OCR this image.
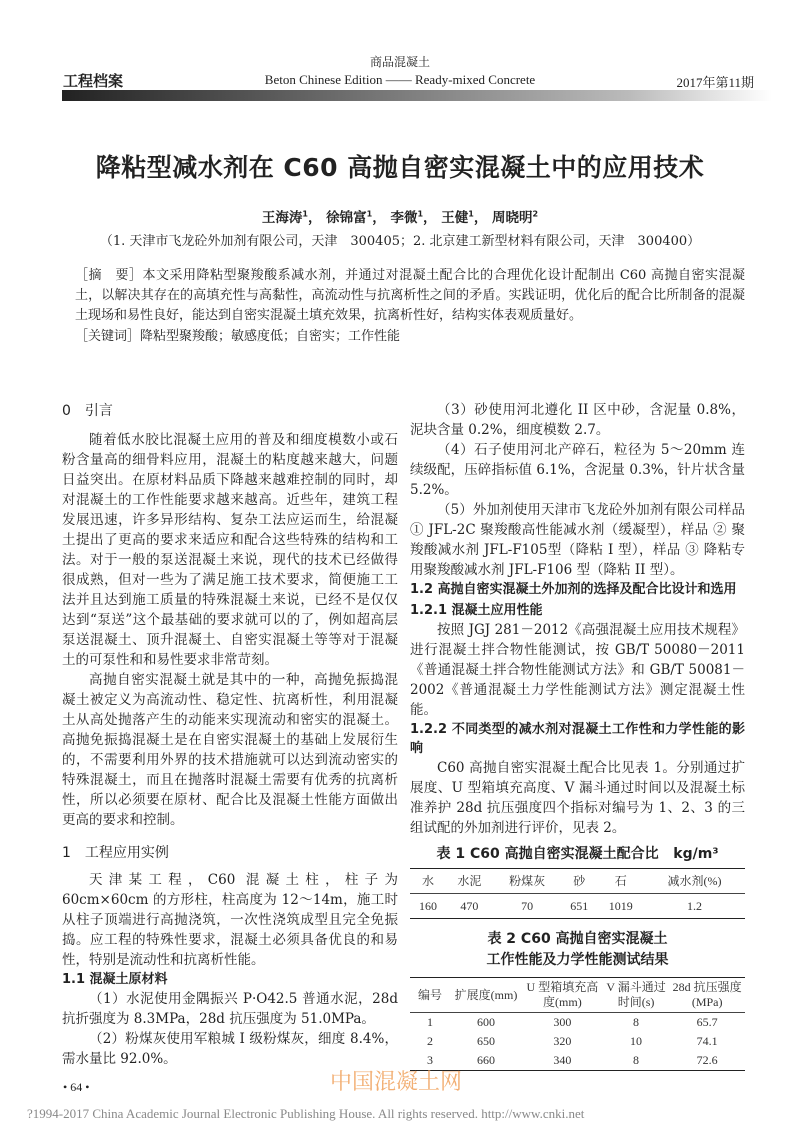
商品混凝土
工程档案	Beton Chinese Edition —— Ready-mixed Concrete	2017年第11期
降粘型减水剂在 C60 高抛自密实混凝土中的应用技术
王海涛$^1$， 徐锦富$^1$， 李微$^1$， 王健$^1$， 周晓明$^2$
（1. 天津市飞龙砼外加剂有限公司，天津　300405；2. 北京建工新型材料有限公司，天津　300400）
［摘　要］本文采用降粘型聚羧酸系减水剂，并通过对混凝土配合比的合理优化设计配制出 C60 高抛自密实混凝土，以解决其存在的高填充性与高黏性，高流动性与抗离析性之间的矛盾。实践证明，优化后的配合比所制备的混凝土现场和易性良好，能达到自密实混凝土填充效果，抗离析性好，结构实体表观质量好。
［关键词］降粘型聚羧酸；敏感度低；自密实；工作性能
0　引言

随着低水胶比混凝土应用的普及和细度模数小或石粉含量高的细骨料应用，混凝土的粘度越来越大，问题日益突出。在原材料品质下降越来越难控制的同时，却对混凝土的工作性能要求越来越高。近些年，建筑工程发展迅速，许多异形结构、复杂工法应运而生，给混凝土提出了更高的要求来适应和配合这些特殊的结构和工法。对于一般的泵送混凝土来说，现代的技术已经做得很成熟，但对一些为了满足施工技术要求，简便施工工法并且达到施工质量的特殊混凝土来说，已经不是仅仅达到“泵送”这个最基础的要求就可以的了，例如超高层泵送混凝土、顶升混凝土、自密实混凝土等等对于混凝土的可泵性和和易性要求非常苛刻。

高抛自密实混凝土就是其中的一种，高抛免振捣混凝土被定义为高流动性、稳定性、抗离析性，利用混凝土从高处抛落产生的动能来实现流动和密实的混凝土。高抛免振捣混凝土是在自密实混凝土的基础上发展衍生的，不需要利用外界的技术措施就可以达到流动密实的特殊混凝土，而且在抛落时混凝土需要有优秀的抗离析性，所以必须要在原材、配合比及混凝土性能方面做出更高的要求和控制。

1　工程应用实例

天津某工程，C60 混凝土柱，柱子为 60cm×60cm 的方形柱，柱高度为 12～14m，施工时从柱子顶端进行高抛浇筑，一次性浇筑成型且完全免振捣。应工程的特殊性要求，混凝土必须具备优良的和易性，特别是流动性和抗离析性能。

1.1 混凝土原材料

（1）水泥使用金隅振兴 P·O42.5 普通水泥，28d 抗折强度为 8.3MPa，28d 抗压强度为 51.0MPa。

（2）粉煤灰使用军粮城 I 级粉煤灰，细度 8.4%，需水量比 92.0%。

（3）砂使用河北遵化 II 区中砂，含泥量 0.8%，泥块含量 0.2%，细度模数 2.7。

（4）石子使用河北产碎石，粒径为 5～20mm 连续级配，压碎指标值 6.1%，含泥量 0.3%，针片状含量 5.2%。

（5）外加剂使用天津市飞龙砼外加剂有限公司样品 ① JFL-2C 聚羧酸高性能减水剂（缓凝型），样品 ② 聚羧酸减水剂 JFL-F105型（降粘 I 型），样品 ③ 降粘专用聚羧酸减水剂 JFL-F106 型（降粘 II 型）。

1.2 高抛自密实混凝土外加剂的选择及配合比设计和选用
1.2.1 混凝土应用性能

按照 JGJ 281－2012《高强混凝土应用技术规程》进行混凝土拌合物性能测试，按 GB/T 50080－2011《普通混凝土拌合物性能测试方法》和 GB/T 50081－2002《普通混凝土力学性能测试方法》测定混凝土性能。

1.2.2 不同类型的减水剂对混凝土工作性和力学性能的影响

C60 高抛自密实混凝土配合比见表 1。分别通过扩展度、U 型箱填充高度、V 漏斗通过时间以及混凝土标准养护 28d 抗压强度四个指标对编号为 1、2、3 的三组试配的外加剂进行评价，见表 2。

表 1 C60 高抛自密实混凝土配合比 kg/m³
水	水泥	粉煤灰	砂	石	减水剂(%)
160	470	70	651	1019	1.2
表 2 C60 高抛自密实混凝土
工作性能及力学性能测试结果
编号	扩展度(mm)	U 型箱填充高度(mm)	V 漏斗通过时间(s)	28d 抗压强度(MPa)
1	600	300	8	65.7
2	650	320	10	74.1
3	660	340	8	72.6
• 64 •	中国混凝土网
?1994-2017 China Academic Journal Electronic Publishing House. All rights reserved. http://www.cnki.net
